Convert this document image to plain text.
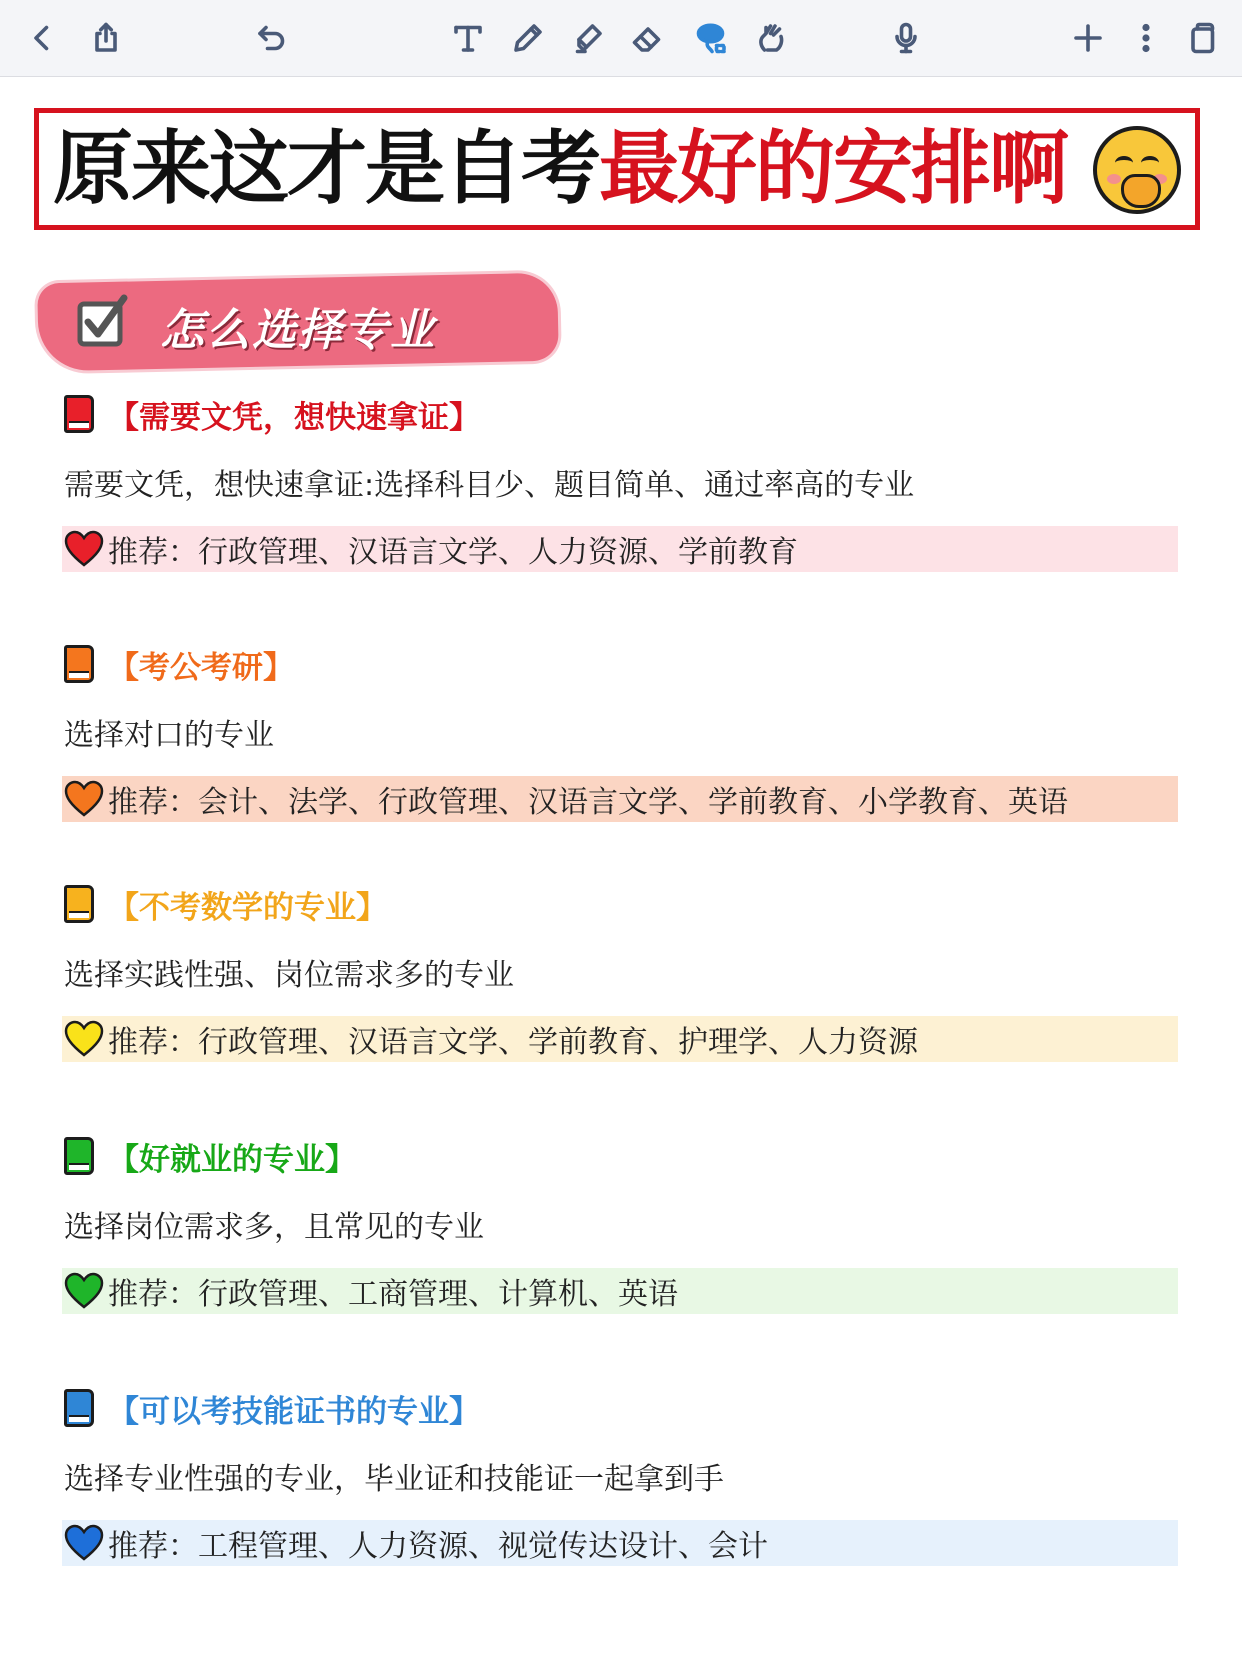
原来这才是自考最好的安排啊
怎么选择专业
【需要文凭，想快速拿证】
需要文凭，想快速拿证:选择科目少、题目简单、通过率高的专业
推荐：行政管理、汉语言文学、人力资源、学前教育
【考公考研】
选择对口的专业
推荐：会计、法学、行政管理、汉语言文学、学前教育、小学教育、英语
【不考数学的专业】
选择实践性强、岗位需求多的专业
推荐：行政管理、汉语言文学、学前教育、护理学、人力资源
【好就业的专业】
选择岗位需求多，且常见的专业
推荐：行政管理、工商管理、计算机、英语
【可以考技能证书的专业】
选择专业性强的专业，毕业证和技能证一起拿到手
推荐：工程管理、人力资源、视觉传达设计、会计
